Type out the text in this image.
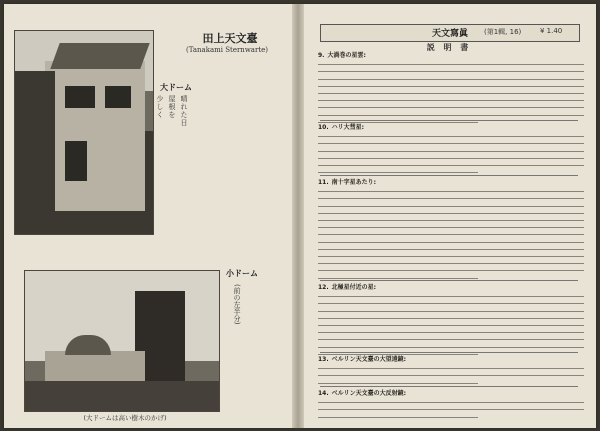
田上天文臺
(Tanakami Sternwarte)
大ドーム
晴れた日
屋根を
少しく
小ドーム
(前の左半分)
(大ドームは高い樹木のかげ)
天文寫眞 (第1輯, 16)	¥ 1.40
説 明 書
9. 大渦巻の星雲:
10. ハリ大彗星:
11. 南十字星あたり:
12. 北極星付近の星:
13. ベルリン天文臺の大望遠鏡:
14. ベルリン天文臺の大反射鏡:
